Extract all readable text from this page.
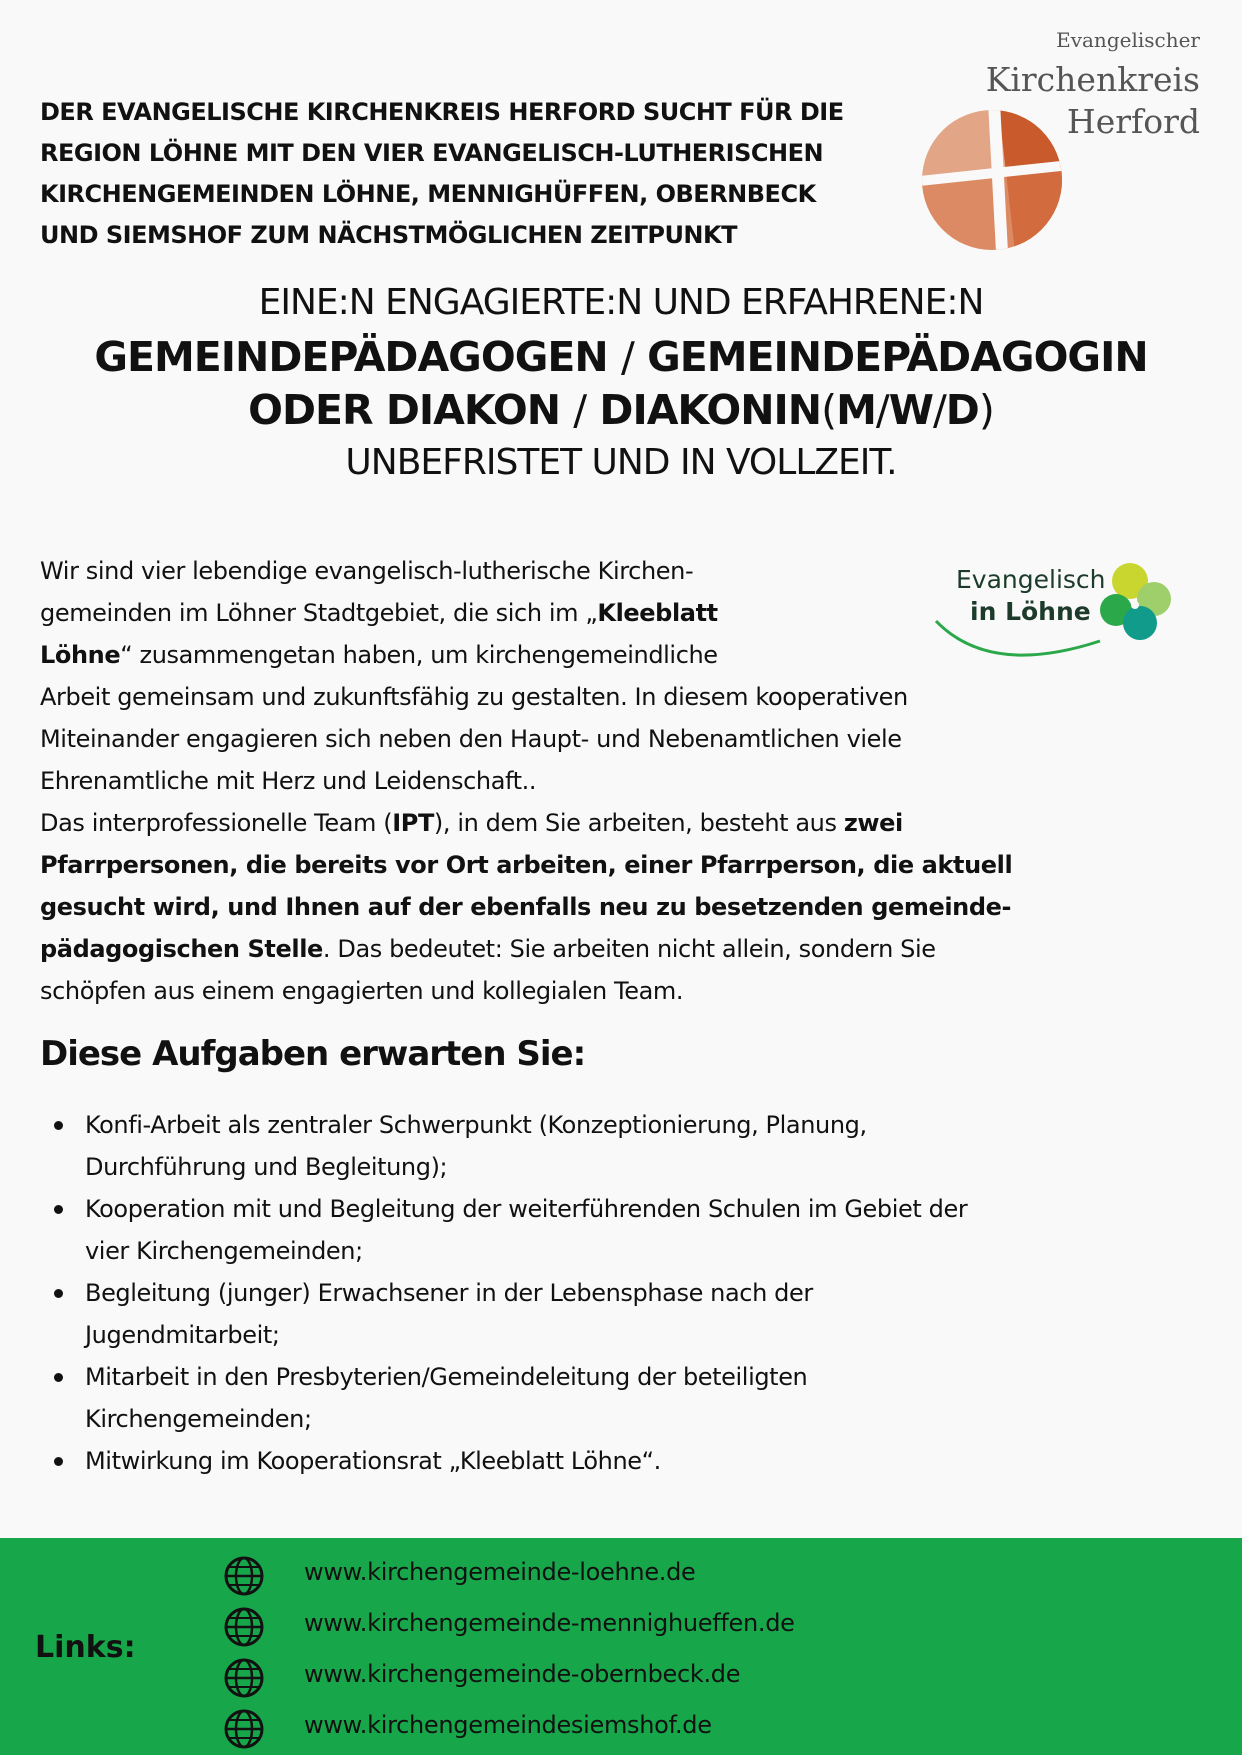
DER EVANGELISCHE KIRCHENKREIS HERFORD SUCHT FÜR DIE
REGION LÖHNE MIT DEN VIER EVANGELISCH-LUTHERISCHEN
KIRCHENGEMEINDEN LÖHNE, MENNIGHÜFFEN, OBERNBECK
UND SIEMSHOF ZUM NÄCHSTMÖGLICHEN ZEITPUNKT
Evangelischer
Kirchenkreis
Herford
EINE:N ENGAGIERTE:N UND ERFAHRENE:N
GEMEINDEPÄDAGOGEN / GEMEINDEPÄDAGOGIN
ODER DIAKON / DIAKONIN(M/W/D)
UNBEFRISTET UND IN VOLLZEIT.
Evangelisch
in Löhne

Wir sind vier lebendige evangelisch-lutherische Kirchen-
gemeinden im Löhner Stadtgebiet, die sich im „Kleeblatt
Löhne“ zusammengetan haben, um kirchengemeindliche
Arbeit gemeinsam und zukunftsfähig zu gestalten. In diesem kooperativen
Miteinander engagieren sich neben den Haupt- und Nebenamtlichen viele
Ehrenamtliche mit Herz und Leidenschaft..
Das interprofessionelle Team (IPT), in dem Sie arbeiten, besteht aus zwei
Pfarrpersonen, die bereits vor Ort arbeiten, einer Pfarrperson, die aktuell
gesucht wird, und Ihnen auf der ebenfalls neu zu besetzenden gemeinde-
pädagogischen Stelle. Das bedeutet: Sie arbeiten nicht allein, sondern Sie
schöpfen aus einem engagierten und kollegialen Team.

Diese Aufgaben erwarten Sie:
Konfi-Arbeit als zentraler Schwerpunkt (Konzeptionierung, Planung,
Durchführung und Begleitung);
Kooperation mit und Begleitung der weiterführenden Schulen im Gebiet der
vier Kirchengemeinden;
Begleitung (junger) Erwachsener in der Lebensphase nach der
Jugendmitarbeit;
Mitarbeit in den Presbyterien/Gemeindeleitung der beteiligten
Kirchengemeinden;
Mitwirkung im Kooperationsrat „Kleeblatt Löhne“.
Links:
www.kirchengemeinde-loehne.de
www.kirchengemeinde-mennighueffen.de
www.kirchengemeinde-obernbeck.de
www.kirchengemeindesiemshof.de
